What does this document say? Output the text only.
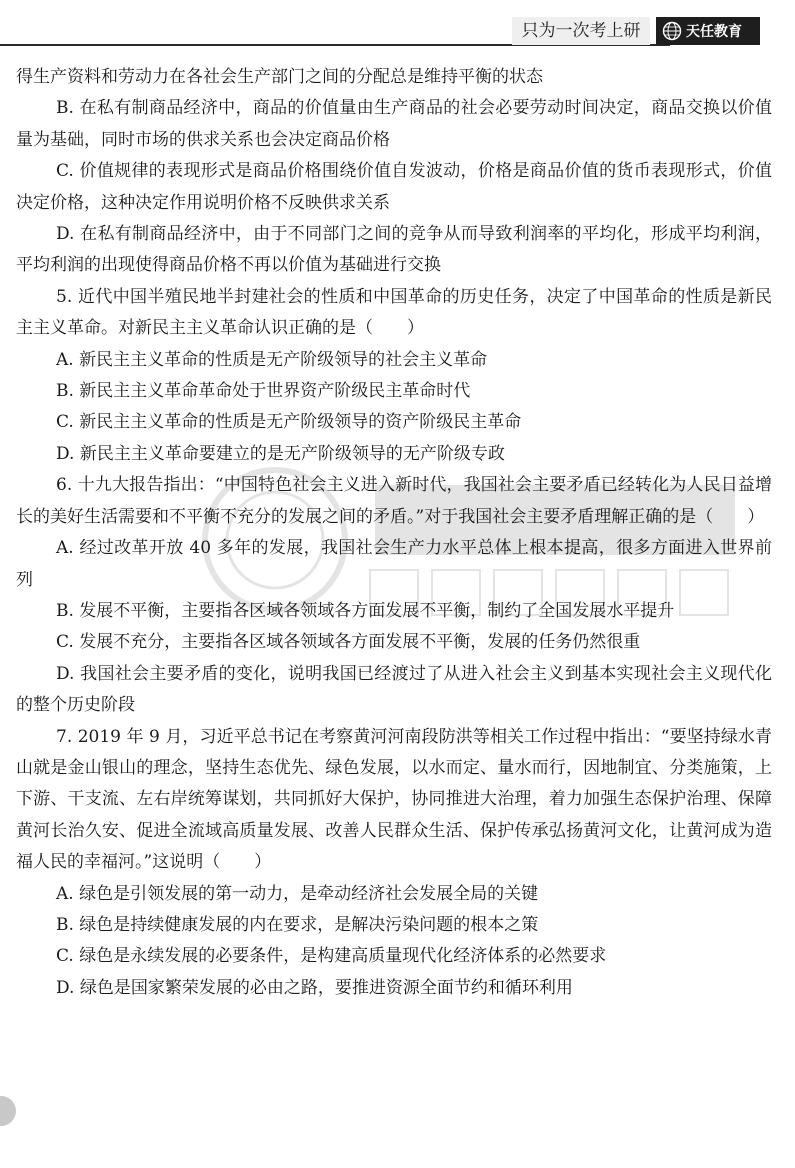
只为一次考上研	天任教育

得生产资料和劳动力在各社会生产部门之间的分配总是维持平衡的状态

B. 在私有制商品经济中，商品的价值量由生产商品的社会必要劳动时间决定，商品交换以价值量为基础，同时市场的供求关系也会决定商品价格

C. 价值规律的表现形式是商品价格围绕价值自发波动，价格是商品价值的货币表现形式，价值决定价格，这种决定作用说明价格不反映供求关系

D. 在私有制商品经济中，由于不同部门之间的竞争从而导致利润率的平均化，形成平均利润，平均利润的出现使得商品价格不再以价值为基础进行交换

5. 近代中国半殖民地半封建社会的性质和中国革命的历史任务，决定了中国革命的性质是新民主主义革命。对新民主主义革命认识正确的是（　　）

A. 新民主主义革命的性质是无产阶级领导的社会主义革命

B. 新民主主义革命革命处于世界资产阶级民主革命时代

C. 新民主主义革命的性质是无产阶级领导的资产阶级民主革命

D. 新民主主义革命要建立的是无产阶级领导的无产阶级专政

6. 十九大报告指出：“中国特色社会主义进入新时代，我国社会主要矛盾已经转化为人民日益增长的美好生活需要和不平衡不充分的发展之间的矛盾。”对于我国社会主要矛盾理解正确的是（　　）

A. 经过改革开放 40 多年的发展，我国社会生产力水平总体上根本提高，很多方面进入世界前列

B. 发展不平衡，主要指各区域各领域各方面发展不平衡，制约了全国发展水平提升

C. 发展不充分，主要指各区域各领域各方面发展不平衡，发展的任务仍然很重

D. 我国社会主要矛盾的变化，说明我国已经渡过了从进入社会主义到基本实现社会主义现代化的整个历史阶段

7. 2019 年 9 月，习近平总书记在考察黄河河南段防洪等相关工作过程中指出：“要坚持绿水青山就是金山银山的理念，坚持生态优先、绿色发展，以水而定、量水而行，因地制宜、分类施策，上下游、干支流、左右岸统筹谋划，共同抓好大保护，协同推进大治理，着力加强生态保护治理、保障黄河长治久安、促进全流域高质量发展、改善人民群众生活、保护传承弘扬黄河文化，让黄河成为造福人民的幸福河。”这说明（　　）

A. 绿色是引领发展的第一动力，是牵动经济社会发展全局的关键

B. 绿色是持续健康发展的内在要求，是解决污染问题的根本之策

C. 绿色是永续发展的必要条件，是构建高质量现代化经济体系的必然要求

D. 绿色是国家繁荣发展的必由之路，要推进资源全面节约和循环利用
